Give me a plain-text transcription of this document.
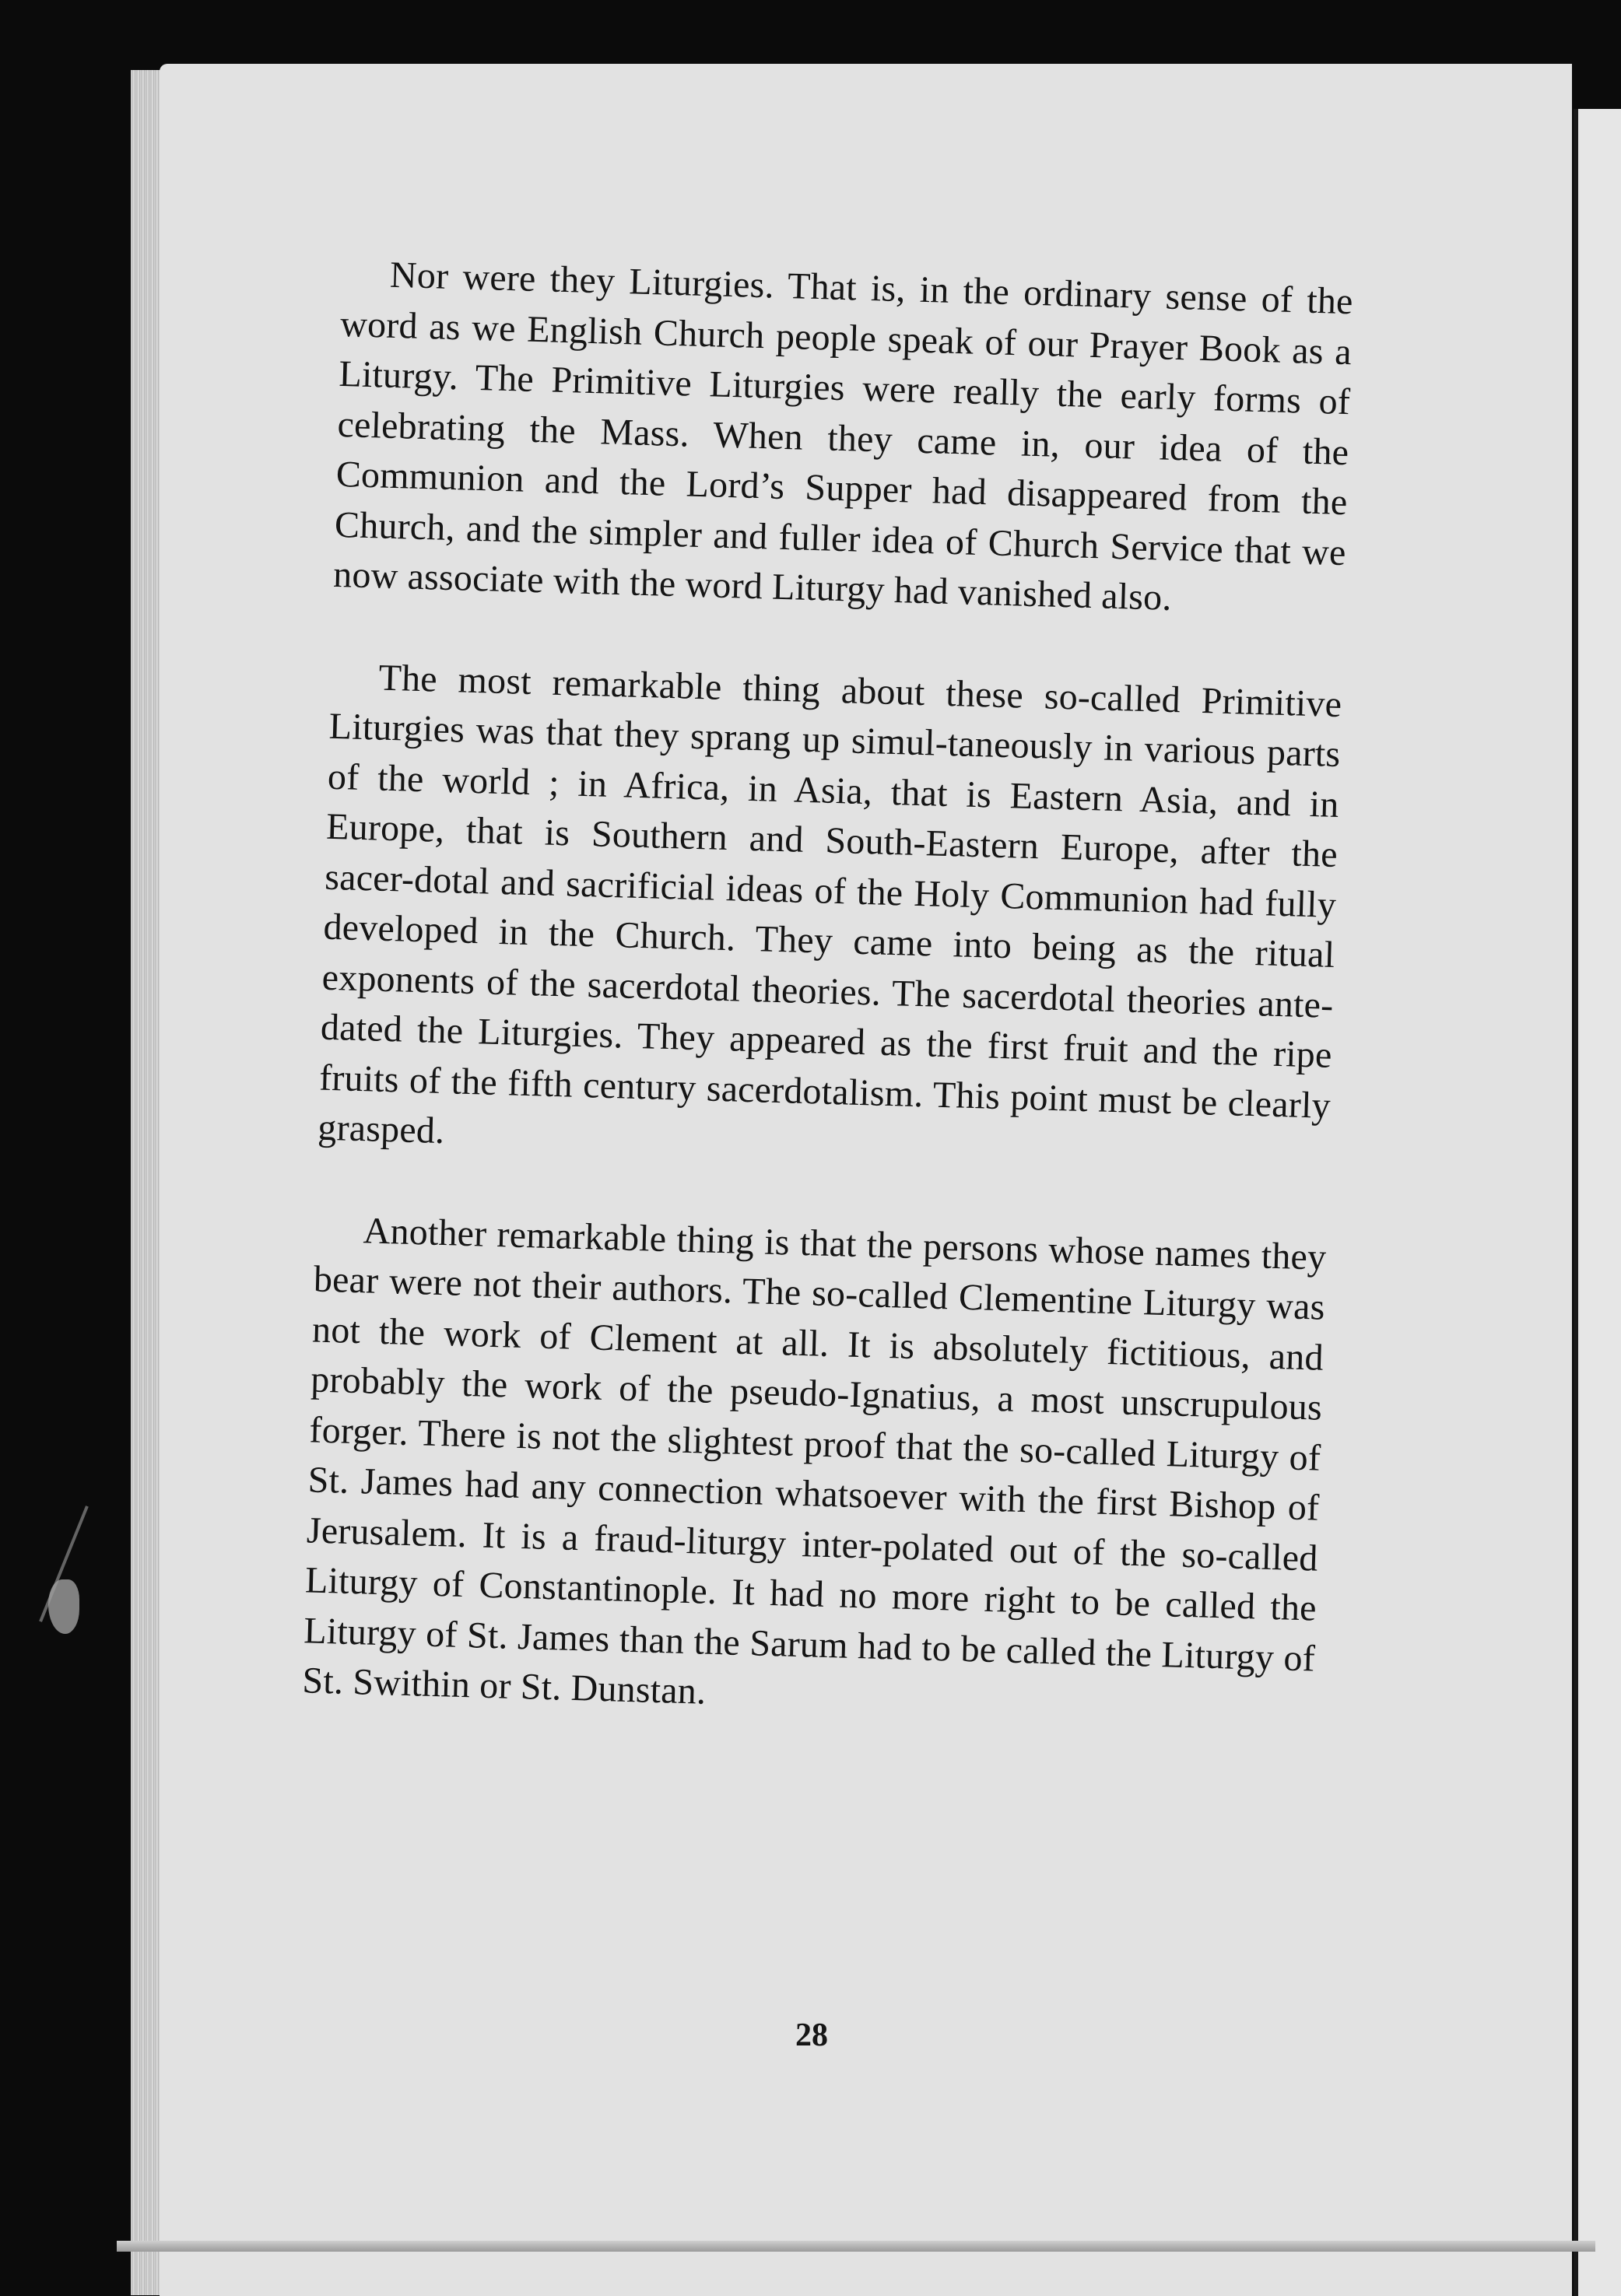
Nor were they Liturgies. That is, in the ordinary sense of the word as we English Church people speak of our Prayer Book as a Liturgy. The Primitive Liturgies were really the early forms of celebrating the Mass. When they came in, our idea of the Communion and the Lord’s Supper had disappeared from the Church, and the simpler and fuller idea of Church Service that we now associate with the word Liturgy had vanished also.

The most remarkable thing about these so-called Primitive Liturgies was that they sprang up simul-taneously in various parts of the world ; in Africa, in Asia, that is Eastern Asia, and in Europe, that is Southern and South-Eastern Europe, after the sacer-dotal and sacrificial ideas of the Holy Communion had fully developed in the Church. They came into being as the ritual exponents of the sacerdotal theories. The sacerdotal theories ante-dated the Liturgies. They appeared as the first fruit and the ripe fruits of the fifth century sacerdotalism. This point must be clearly grasped.

Another remarkable thing is that the persons whose names they bear were not their authors. The so-called Clementine Liturgy was not the work of Clement at all. It is absolutely fictitious, and probably the work of the pseudo-Ignatius, a most unscrupulous forger. There is not the slightest proof that the so-called Liturgy of St. James had any connection whatsoever with the first Bishop of Jerusalem. It is a fraud-liturgy inter-polated out of the so-called Liturgy of Constantinople. It had no more right to be called the Liturgy of St. James than the Sarum had to be called the Liturgy of St. Swithin or St. Dunstan.

28
